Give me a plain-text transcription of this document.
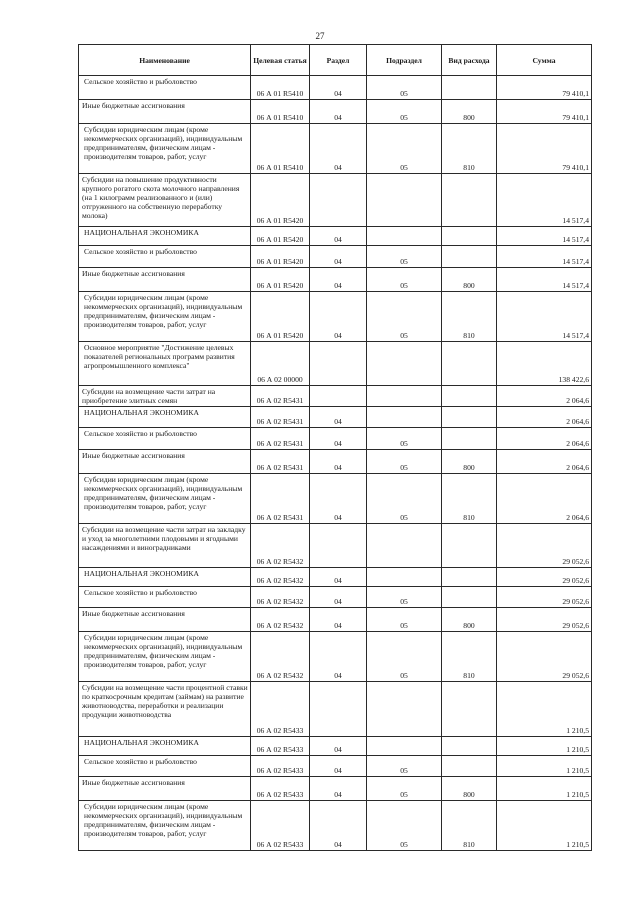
27
Наименование	Целевая статья	Раздел	Подраздел	Вид расхода	Сумма
Сельское хозяйство и рыболовство	06 А 01 R5410	04	05		79 410,1
Иные бюджетные ассигнования	06 А 01 R5410	04	05	800	79 410,1
Субсидии юридическим лицам (кроме некоммерческих организаций), индивидуальным предпринимателям, физическим лицам - производителям товаров, работ, услуг	06 А 01 R5410	04	05	810	79 410,1
Субсидии на повышение продуктивности крупного рогатого скота молочного направления (на 1 килограмм реализованного и (или) отгруженного на собственную переработку молока)	06 А 01 R5420				14 517,4
НАЦИОНАЛЬНАЯ ЭКОНОМИКА	06 А 01 R5420	04			14 517,4
Сельское хозяйство и рыболовство	06 А 01 R5420	04	05		14 517,4
Иные бюджетные ассигнования	06 А 01 R5420	04	05	800	14 517,4
Субсидии юридическим лицам (кроме некоммерческих организаций), индивидуальным предпринимателям, физическим лицам - производителям товаров, работ, услуг	06 А 01 R5420	04	05	810	14 517,4
Основное мероприятие "Достижение целевых показателей региональных программ развития агропромышленного комплекса"	06 А 02 00000				138 422,6
Субсидии на возмещение части затрат на приобретение элитных семян	06 А 02 R5431				2 064,6
НАЦИОНАЛЬНАЯ ЭКОНОМИКА	06 А 02 R5431	04			2 064,6
Сельское хозяйство и рыболовство	06 А 02 R5431	04	05		2 064,6
Иные бюджетные ассигнования	06 А 02 R5431	04	05	800	2 064,6
Субсидии юридическим лицам (кроме некоммерческих организаций), индивидуальным предпринимателям, физическим лицам - производителям товаров, работ, услуг	06 А 02 R5431	04	05	810	2 064,6
Субсидии на возмещение части затрат на закладку и уход за многолетними плодовыми и ягодными насаждениями и виноградниками	06 А 02 R5432				29 052,6
НАЦИОНАЛЬНАЯ ЭКОНОМИКА	06 А 02 R5432	04			29 052,6
Сельское хозяйство и рыболовство	06 А 02 R5432	04	05		29 052,6
Иные бюджетные ассигнования	06 А 02 R5432	04	05	800	29 052,6
Субсидии юридическим лицам (кроме некоммерческих организаций), индивидуальным предпринимателям, физическим лицам - производителям товаров, работ, услуг	06 А 02 R5432	04	05	810	29 052,6
Субсидии на возмещение части процентной ставки по краткосрочным кредитам (займам) на развитие животноводства, переработки и реализации продукции животноводства	06 А 02 R5433				1 210,5
НАЦИОНАЛЬНАЯ ЭКОНОМИКА	06 А 02 R5433	04			1 210,5
Сельское хозяйство и рыболовство	06 А 02 R5433	04	05		1 210,5
Иные бюджетные ассигнования	06 А 02 R5433	04	05	800	1 210,5
Субсидии юридическим лицам (кроме некоммерческих организаций), индивидуальным предпринимателям, физическим лицам - производителям товаров, работ, услуг	06 А 02 R5433	04	05	810	1 210,5
